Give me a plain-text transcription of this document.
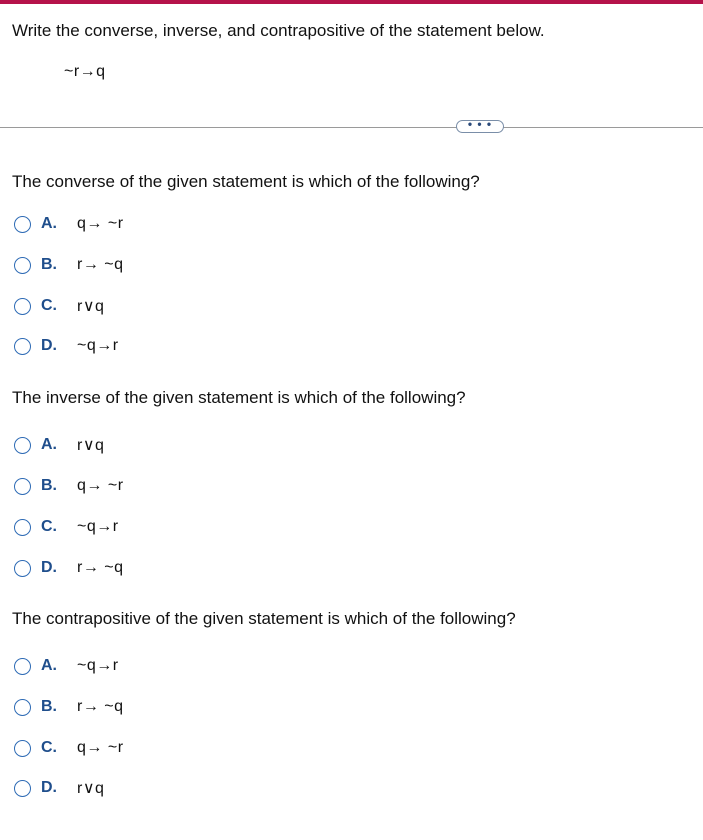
Write the converse, inverse, and contrapositive of the statement below.
~r→q
• • •
The converse of the given statement is which of the following?
A.	q→ ~r
B.	r→ ~q
C.	r∨q
D.	~q→r
The inverse of the given statement is which of the following?
A.	r∨q
B.	q→ ~r
C.	~q→r
D.	r→ ~q
The contrapositive of the given statement is which of the following?
A.	~q→r
B.	r→ ~q
C.	q→ ~r
D.	r∨q
